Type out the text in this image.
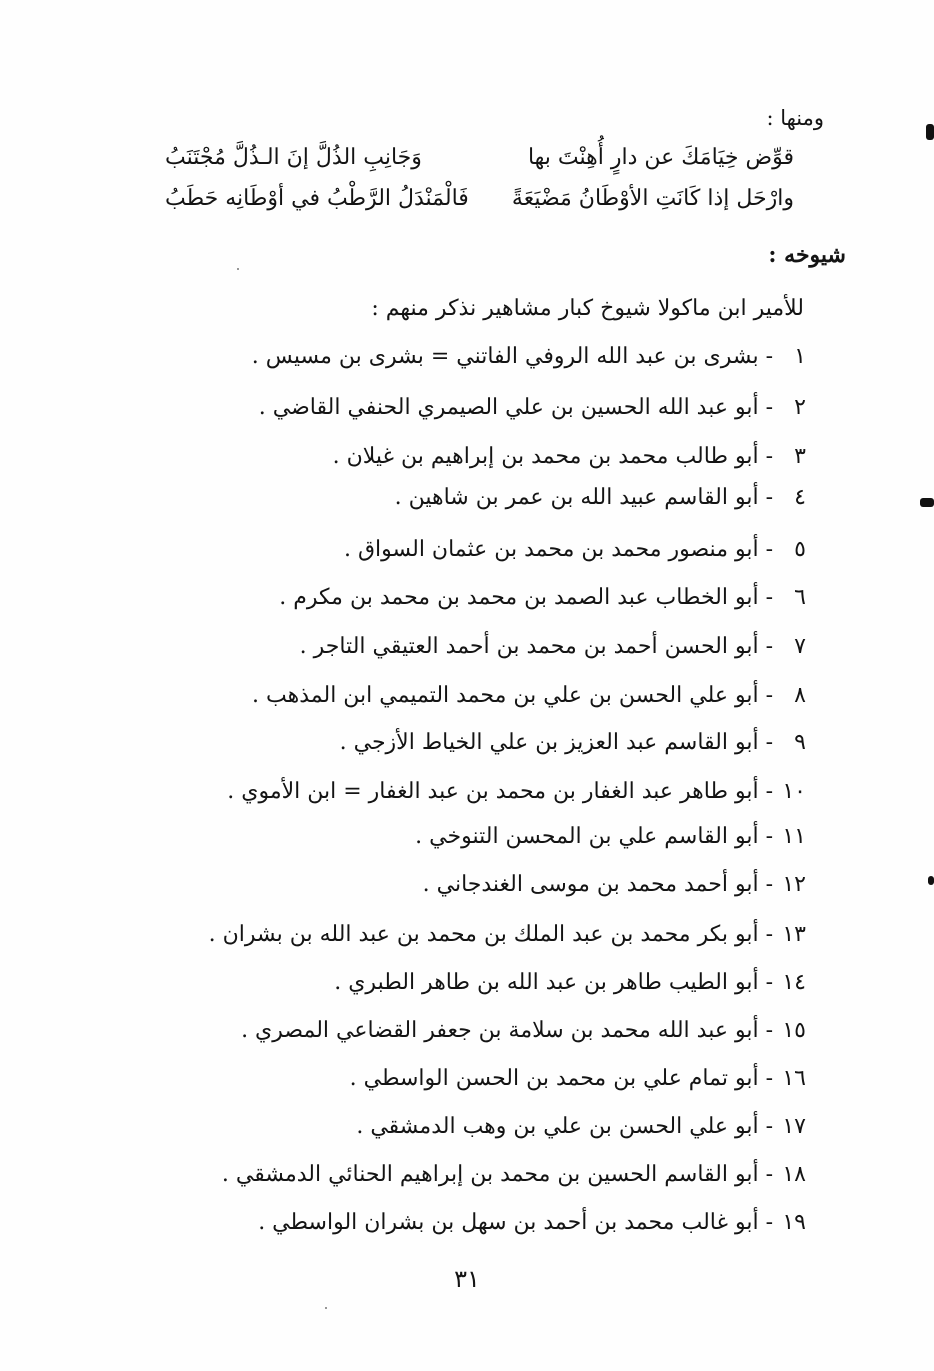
ومنها :
قوِّض خِيَامَكَ عن دارٍ أُهِنْتَ بها
وَجَانِبِ الذُلَّ إنَ الـذُلَّ مُجْتَنَبُ
وارْحَل إذا كَانَتِ الأوْطَانُ مَضْيَعَةً
فَالْمَنْدَلُ الرَّطْبُ في أوْطَانِه حَطَبُ
شيوخه :
للأمير ابن ماكولا شيوخ كبار مشاهير نذكر منهم :
١ - بشرى بن عبد الله الروفي الفاتني = بشرى بن مسيس .
٢ - أبو عبد الله الحسين بن علي الصيمري الحنفي القاضي .
٣ - أبو طالب محمد بن محمد بن إبراهيم بن غيلان .
٤ - أبو القاسم عبيد الله بن عمر بن شاهين .
٥ - أبو منصور محمد بن محمد بن عثمان السواق .
٦ - أبو الخطاب عبد الصمد بن محمد بن محمد بن مكرم .
٧ - أبو الحسن أحمد بن محمد بن أحمد العتيقي التاجر .
٨ - أبو علي الحسن بن علي بن محمد التميمي ابن المذهب .
٩ - أبو القاسم عبد العزيز بن علي الخياط الأزجي .
١٠ - أبو طاهر عبد الغفار بن محمد بن عبد الغفار = ابن الأموي .
١١ - أبو القاسم علي بن المحسن التنوخي .
١٢ - أبو أحمد محمد بن موسى الغندجاني .
١٣ - أبو بكر محمد بن عبد الملك بن محمد بن عبد الله بن بشران .
١٤ - أبو الطيب طاهر بن عبد الله بن طاهر الطبري .
١٥ - أبو عبد الله محمد بن سلامة بن جعفر القضاعي المصري .
١٦ - أبو تمام علي بن محمد بن الحسن الواسطي .
١٧ - أبو علي الحسن بن علي بن وهب الدمشقي .
١٨ - أبو القاسم الحسين بن محمد بن إبراهيم الحنائي الدمشقي .
١٩ - أبو غالب محمد بن أحمد بن سهل بن بشران الواسطي .
٣١
